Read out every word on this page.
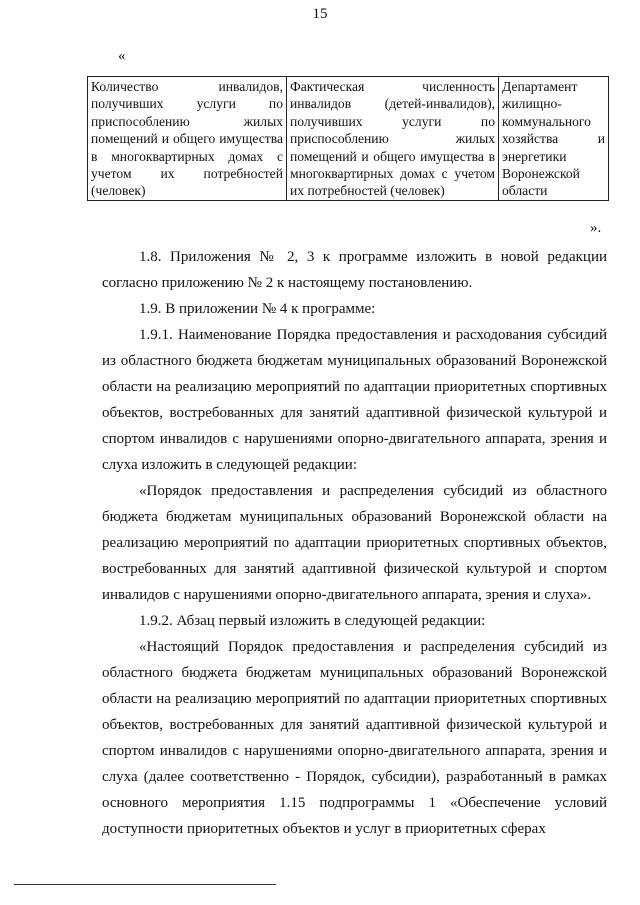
15
«
Количество инвалидов, получивших услуги по приспособлению жилых помещений и общего имущества в многоквартирных домах с учетом их потребностей (человек)	Фактическая численность инвалидов (детей-инвалидов), получивших услуги по приспособлению жилых помещений и общего имущества в многоквартирных домах с учетом их потребностей (человек)	Департамент жилищно-коммунального хозяйства и энергетики Воронежской области
».

1.8. Приложения № 2, 3 к программе изложить в новой редакции согласно приложению № 2 к настоящему постановлению.

1.9. В приложении № 4 к программе:

1.9.1. Наименование Порядка предоставления и расходования субсидий из областного бюджета бюджетам муниципальных образований Воронежской области на реализацию мероприятий по адаптации приоритетных спортивных объектов, востребованных для занятий адаптивной физической культурой и спортом инвалидов с нарушениями опорно-двигательного аппарата, зрения и слуха изложить в следующей редакции:

«Порядок предоставления и распределения субсидий из областного бюджета бюджетам муниципальных образований Воронежской области на реализацию мероприятий по адаптации приоритетных спортивных объектов, востребованных для занятий адаптивной физической культурой и спортом инвалидов с нарушениями опорно-двигательного аппарата, зрения и слуха».

1.9.2. Абзац первый изложить в следующей редакции:

«Настоящий Порядок предоставления и распределения субсидий из областного бюджета бюджетам муниципальных образований Воронежской области на реализацию мероприятий по адаптации приоритетных спортивных объектов, востребованных для занятий адаптивной физической культурой и спортом инвалидов с нарушениями опорно-двигательного аппарата, зрения и слуха (далее соответственно - Порядок, субсидии), разработанный в рамках основного мероприятия 1.15 подпрограммы 1 «Обеспечение условий доступности приоритетных объектов и услуг в приоритетных сферах
